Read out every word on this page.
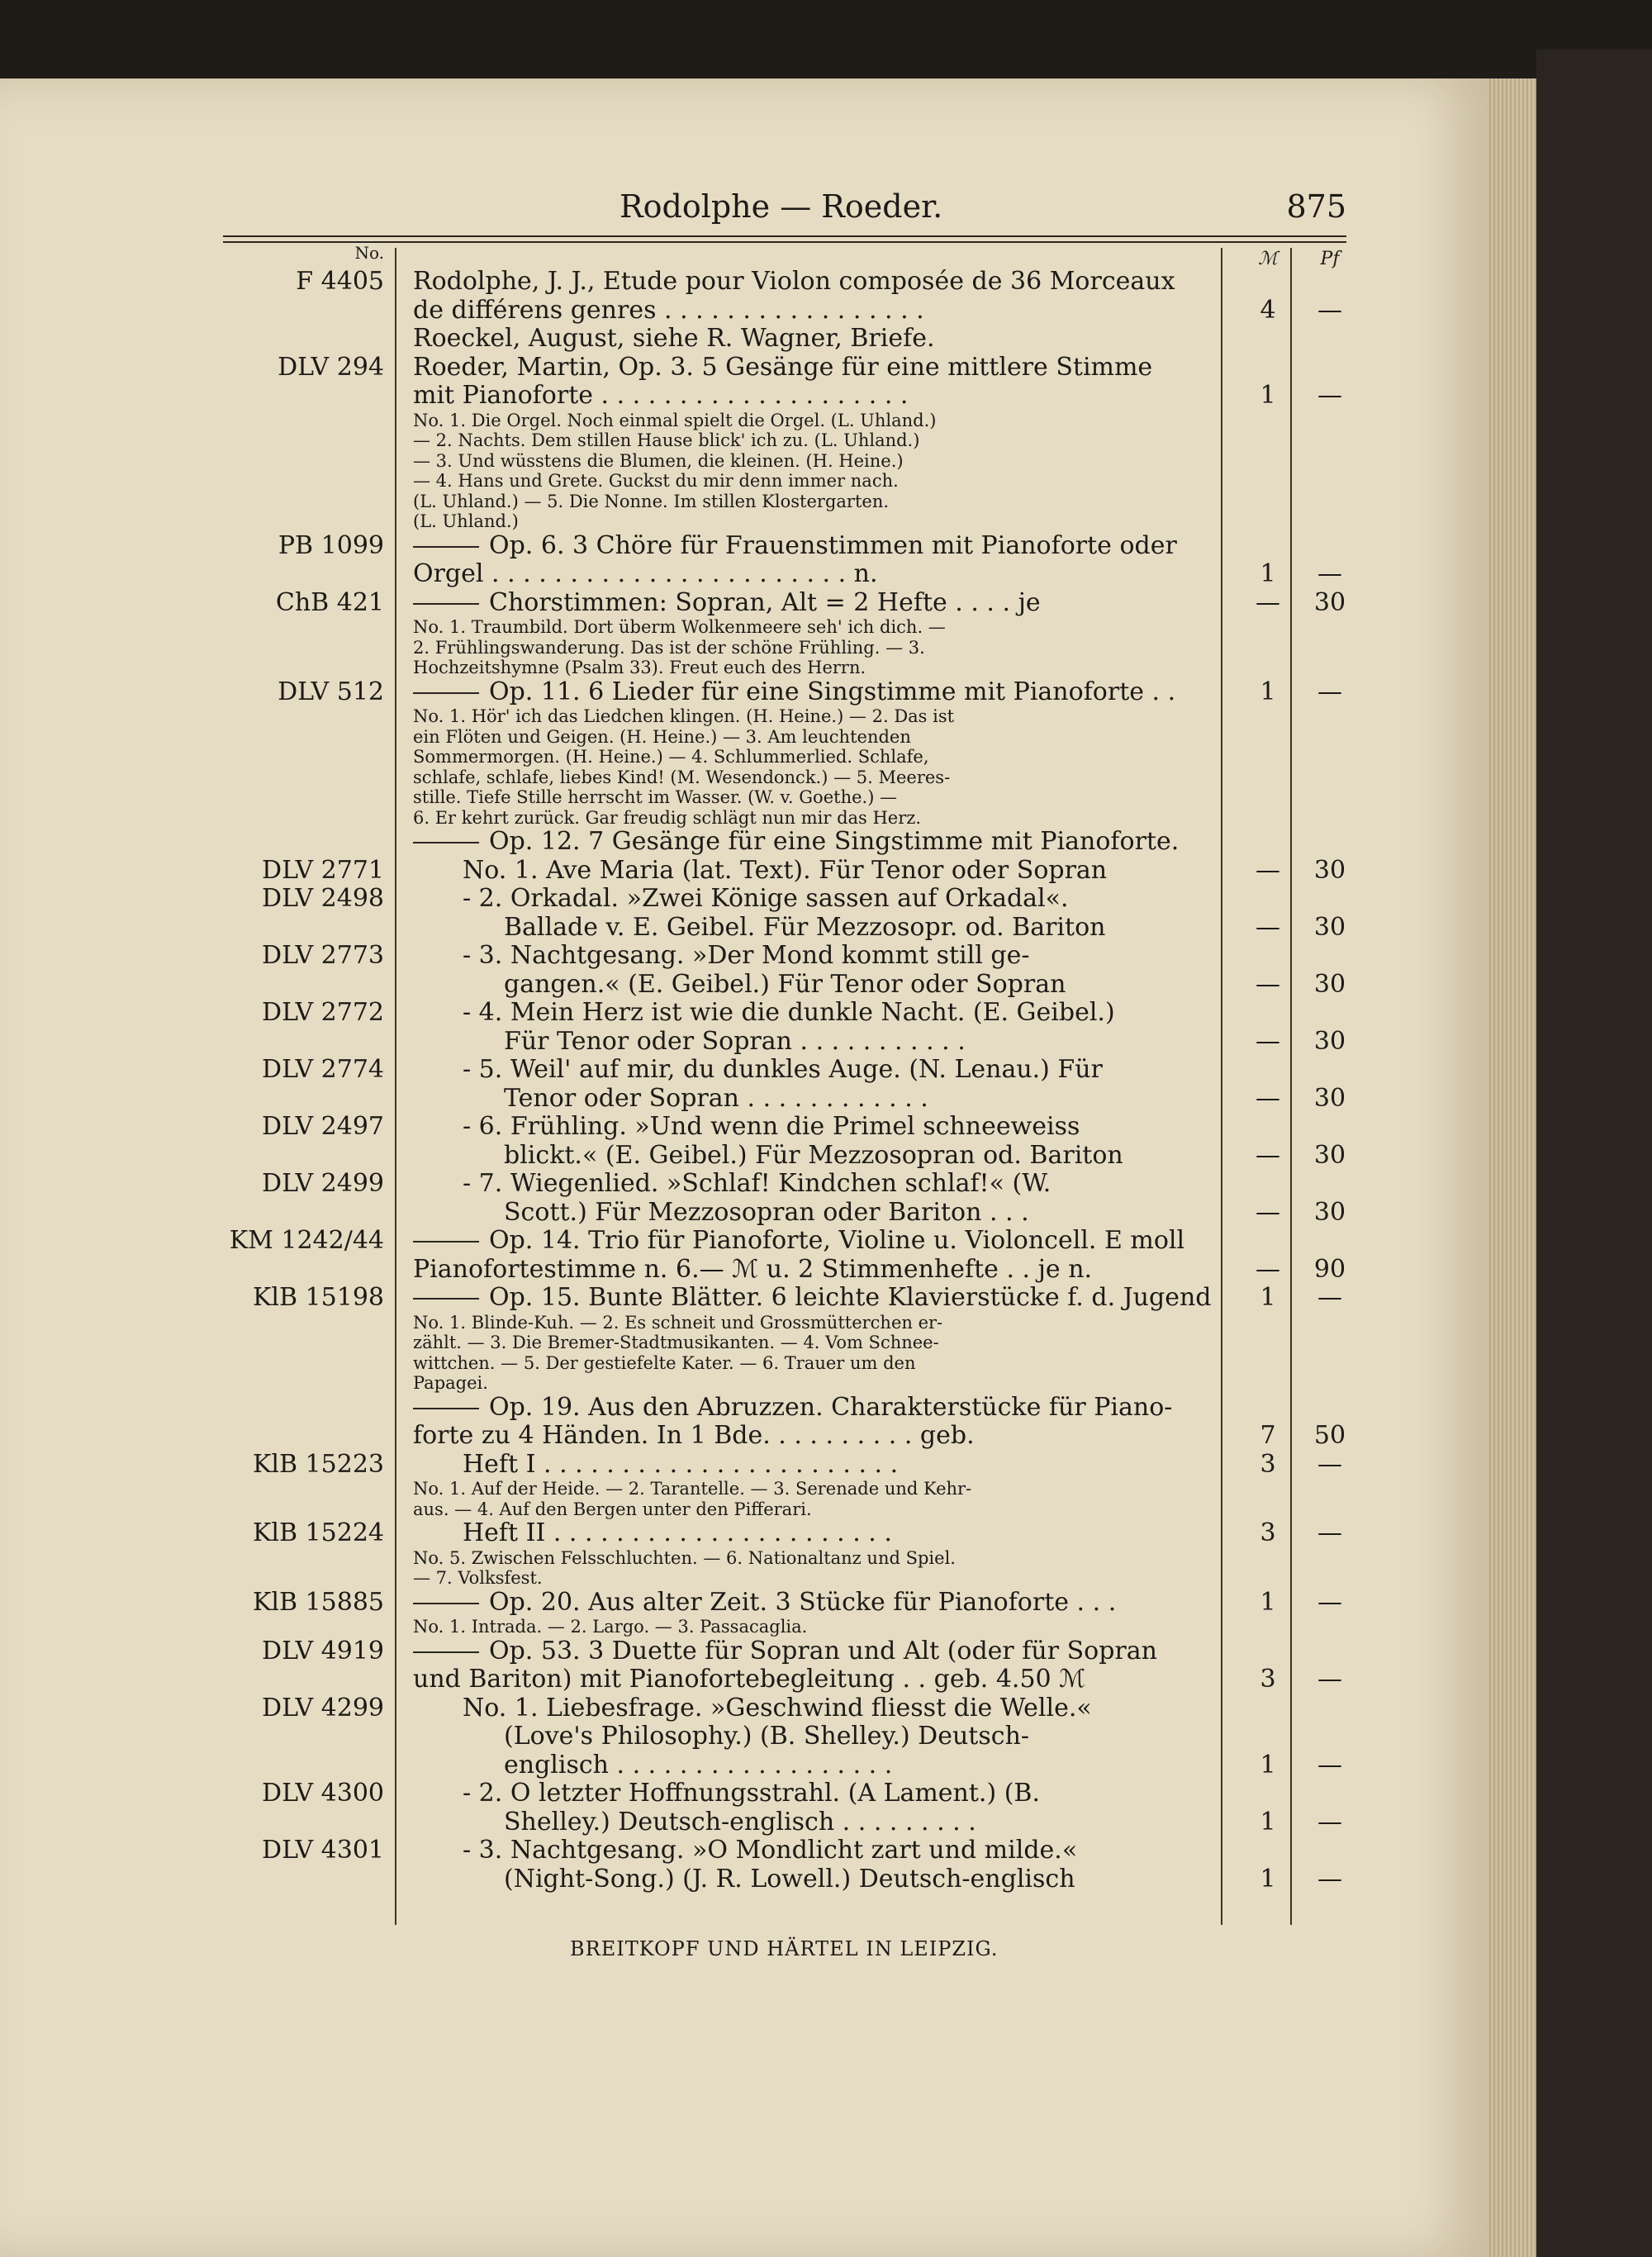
Rodolphe — Roeder.	875
No.	ℳ	Pf
F 4405 Rodolphe, J. J., Etude pour Violon composée de 36 Morceaux
de différens genres . . . . . . . . . . . . . . . . .	4	—
Roeckel, August, siehe R. Wagner, Briefe.
DLV 294 Roeder, Martin, Op. 3. 5 Gesänge für eine mittlere Stimme
mit Pianoforte . . . . . . . . . . . . . . . . . . . .	1	—
No. 1. Die Orgel. Noch einmal spielt die Orgel. (L. Uhland.)
— 2. Nachts. Dem stillen Hause blick' ich zu. (L. Uhland.)
— 3. Und wüsstens die Blumen, die kleinen. (H. Heine.)
— 4. Hans und Grete. Guckst du mir denn immer nach.
(L. Uhland.) — 5. Die Nonne. Im stillen Klostergarten.
(L. Uhland.)
PB 1099	Op. 6. 3 Chöre für Frauenstimmen mit Pianoforte oder
Orgel . . . . . . . . . . . . . . . . . . . . . . . n.	1	—
ChB 421	Chorstimmen: Sopran, Alt = 2 Hefte . . . . je	—	30
No. 1. Traumbild. Dort überm Wolkenmeere seh' ich dich. —
2. Frühlingswanderung. Das ist der schöne Frühling. — 3.
Hochzeitshymne (Psalm 33). Freut euch des Herrn.
DLV 512	Op. 11. 6 Lieder für eine Singstimme mit Pianoforte . .	1	—
No. 1. Hör' ich das Liedchen klingen. (H. Heine.) — 2. Das ist
ein Flöten und Geigen. (H. Heine.) — 3. Am leuchtenden
Sommermorgen. (H. Heine.) — 4. Schlummerlied. Schlafe,
schlafe, schlafe, liebes Kind! (M. Wesendonck.) — 5. Meeres-
stille. Tiefe Stille herrscht im Wasser. (W. v. Goethe.) —
6. Er kehrt zurück. Gar freudig schlägt nun mir das Herz.
Op. 12. 7 Gesänge für eine Singstimme mit Pianoforte.
DLV 2771	No. 1. Ave Maria (lat. Text). Für Tenor oder Sopran	—	30
DLV 2498	- 2. Orkadal. »Zwei Könige sassen auf Orkadal«.
Ballade v. E. Geibel. Für Mezzosopr. od. Bariton	—	30
DLV 2773	- 3. Nachtgesang. »Der Mond kommt still ge-
gangen.« (E. Geibel.) Für Tenor oder Sopran	—	30
DLV 2772	- 4. Mein Herz ist wie die dunkle Nacht. (E. Geibel.)
Für Tenor oder Sopran . . . . . . . . . . .	—	30
DLV 2774	- 5. Weil' auf mir, du dunkles Auge. (N. Lenau.) Für
Tenor oder Sopran . . . . . . . . . . . .	—	30
DLV 2497	- 6. Frühling. »Und wenn die Primel schneeweiss
blickt.« (E. Geibel.) Für Mezzosopran od. Bariton	—	30
DLV 2499	- 7. Wiegenlied. »Schlaf! Kindchen schlaf!« (W.
Scott.) Für Mezzosopran oder Bariton . . .	—	30
KM 1242/44	Op. 14. Trio für Pianoforte, Violine u. Violoncell. E moll
Pianofortestimme n. 6.— ℳ u. 2 Stimmenhefte . . je n.	—	90
KlB 15198	Op. 15. Bunte Blätter. 6 leichte Klavierstücke f. d. Jugend	1	—
No. 1. Blinde-Kuh. — 2. Es schneit und Grossmütterchen er-
zählt. — 3. Die Bremer-Stadtmusikanten. — 4. Vom Schnee-
wittchen. — 5. Der gestiefelte Kater. — 6. Trauer um den
Papagei.
Op. 19. Aus den Abruzzen. Charakterstücke für Piano-
forte zu 4 Händen. In 1 Bde. . . . . . . . . . geb.	7	50
KlB 15223	Heft I . . . . . . . . . . . . . . . . . . . . . . .	3	—
No. 1. Auf der Heide. — 2. Tarantelle. — 3. Serenade und Kehr-
aus. — 4. Auf den Bergen unter den Pifferari.
KlB 15224	Heft II . . . . . . . . . . . . . . . . . . . . . .	3	—
No. 5. Zwischen Felsschluchten. — 6. Nationaltanz und Spiel.
— 7. Volksfest.
KlB 15885	Op. 20. Aus alter Zeit. 3 Stücke für Pianoforte . . .	1	—
No. 1. Intrada. — 2. Largo. — 3. Passacaglia.
DLV 4919	Op. 53. 3 Duette für Sopran und Alt (oder für Sopran
und Bariton) mit Pianofortebegleitung . . geb. 4.50 ℳ	3	—
DLV 4299	No. 1. Liebesfrage. »Geschwind fliesst die Welle.«
(Love's Philosophy.) (B. Shelley.) Deutsch-
englisch . . . . . . . . . . . . . . . . . .	1	—
DLV 4300	- 2. O letzter Hoffnungsstrahl. (A Lament.) (B.
Shelley.) Deutsch-englisch . . . . . . . . .	1	—
DLV 4301	- 3. Nachtgesang. »O Mondlicht zart und milde.«
(Night-Song.) (J. R. Lowell.) Deutsch-englisch	1	—
BREITKOPF UND HÄRTEL IN LEIPZIG.
